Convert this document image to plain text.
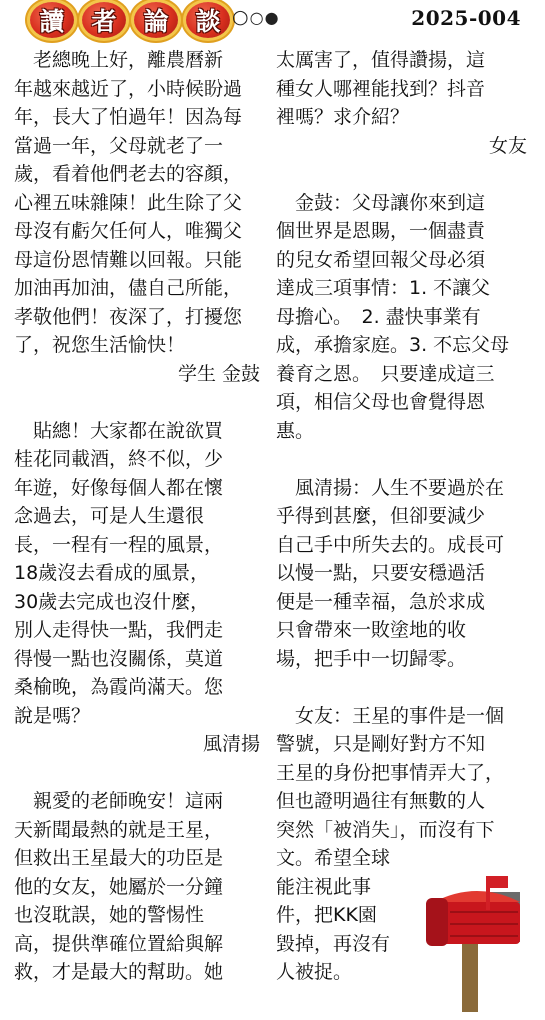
讀	者	論	談 ○○●	2025-004
　老總晚上好，離農曆新
年越來越近了，小時候盼過
年，長大了怕過年！因為每
當過一年，父母就老了一
歲，看着他們老去的容顏，
心裡五味雜陳！此生除了父
母沒有虧欠任何人，唯獨父
母這份恩情難以回報。只能
加油再加油，儘自己所能，
孝敬他們！夜深了，打擾您
了，祝您生活愉快！
学生 金鼓
　貼總！大家都在說欲買
桂花同載酒，終不似，少
年遊，好像每個人都在懷
念過去，可是人生還很
長，一程有一程的風景，
18歲沒去看成的風景，
30歲去完成也沒什麼，
別人走得快一點，我們走
得慢一點也沒關係，莫道
桑榆晚，為霞尚滿天。您
說是嗎？
風清揚
　親愛的老師晚安！這兩
天新聞最熱的就是王星，
但救出王星最大的功臣是
他的女友，她屬於一分鐘
也沒耽誤，她的警惕性
高，提供準確位置給與解
救，才是最大的幫助。她
太厲害了，值得讚揚，這
種女人哪裡能找到？抖音
裡嗎？求介紹？
女友
　金鼓：父母讓你來到這
個世界是恩賜，一個盡責
的兒女希望回報父母必須
達成三項事情：1. 不讓父
母擔心。　2. 盡快事業有
成，承擔家庭。3. 不忘父母
養育之恩。　只要達成這三
項，相信父母也會覺得恩
惠。
　風清揚：人生不要過於在
乎得到甚麼，但卻要減少
自己手中所失去的。成長可
以慢一點，只要安穩過活
便是一種幸福，急於求成
只會帶來一敗塗地的收
場，把手中一切歸零。
　女友：王星的事件是一個
警號，只是剛好對方不知
王星的身份把事情弄大了，
但也證明過往有無數的人
突然「被消失」，而沒有下
文。希望全球
能注視此事
件，把KK園
毀掉，再沒有
人被捉。
